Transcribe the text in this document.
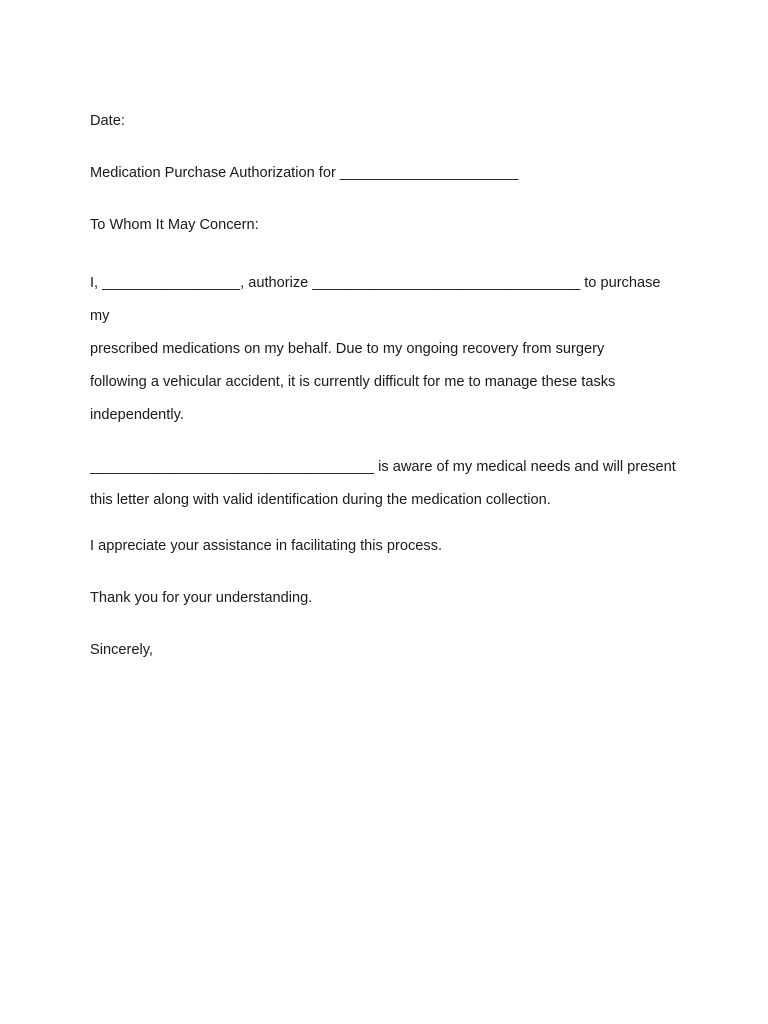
Date:

Medication Purchase Authorization for ______________________

To Whom It May Concern:

I, _________________, authorize _________________________________ to purchase my
prescribed medications on my behalf. Due to my ongoing recovery from surgery
following a vehicular accident, it is currently difficult for me to manage these tasks
independently.
___________________________________ is aware of my medical needs and will present
this letter along with valid identification during the medication collection.

I appreciate your assistance in facilitating this process.

Thank you for your understanding.

Sincerely,
